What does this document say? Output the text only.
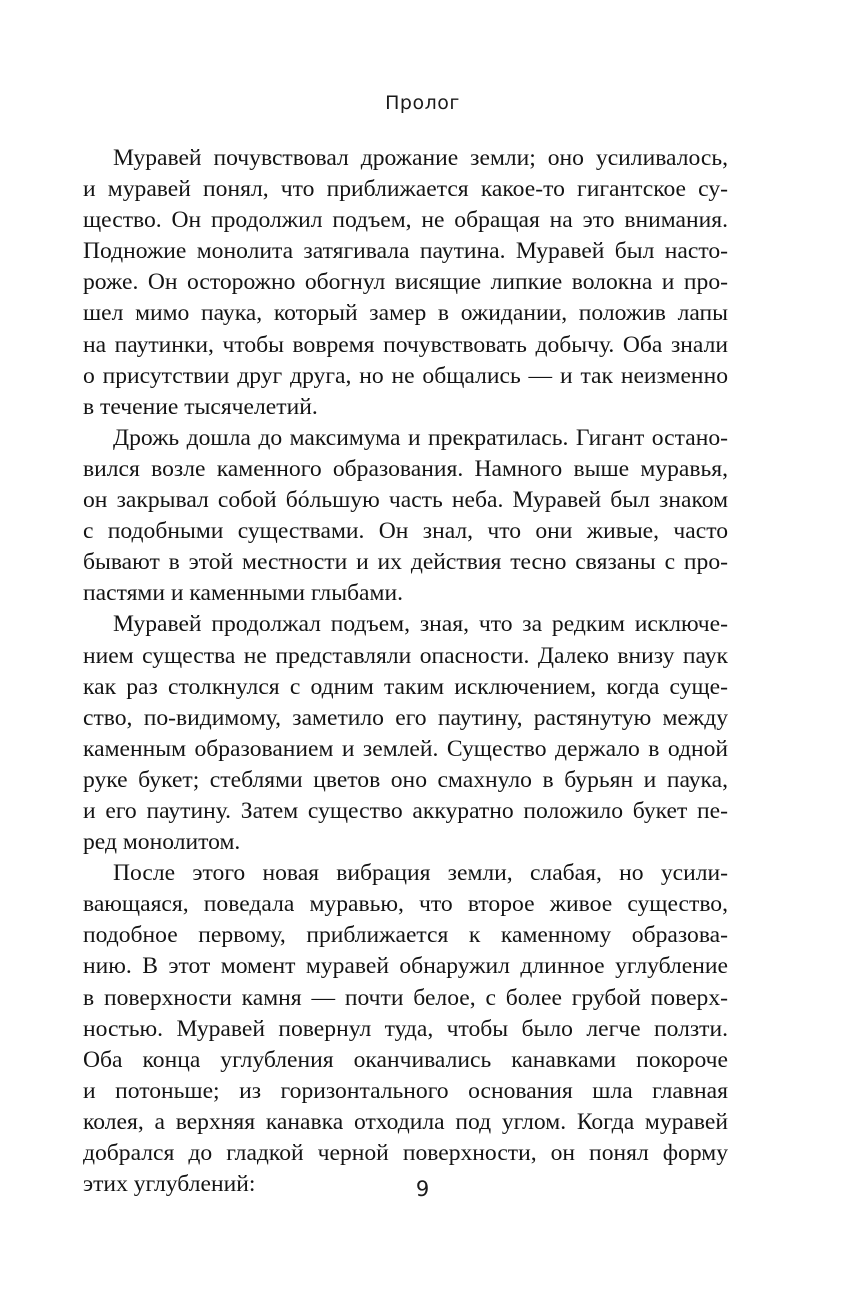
Пролог
Муравей почувствовал дрожание земли; оно усиливалось,
и муравей понял, что приближается какое-то гигантское су-
щество. Он продолжил подъем, не обращая на это внимания.
Подножие монолита затягивала паутина. Муравей был насто-
роже. Он осторожно обогнул висящие липкие волокна и про-
шел мимо паука, который замер в ожидании, положив лапы
на паутинки, чтобы вовремя почувствовать добычу. Оба знали
о присутствии друг друга, но не общались — и так неизменно
в течение тысячелетий.
Дрожь дошла до максимума и прекратилась. Гигант остано-
вился возле каменного образования. Намного выше муравья,
он закрывал собой бóльшую часть неба. Муравей был знаком
с подобными существами. Он знал, что они живые, часто
бывают в этой местности и их действия тесно связаны с про-
пастями и каменными глыбами.
Муравей продолжал подъем, зная, что за редким исключе-
нием существа не представляли опасности. Далеко внизу паук
как раз столкнулся с одним таким исключением, когда суще-
ство, по-видимому, заметило его паутину, растянутую между
каменным образованием и землей. Существо держало в одной
руке букет; стеблями цветов оно смахнуло в бурьян и паука,
и его паутину. Затем существо аккуратно положило букет пе-
ред монолитом.
После этого новая вибрация земли, слабая, но усили-
вающаяся, поведала муравью, что второе живое существо,
подобное первому, приближается к каменному образова-
нию. В этот момент муравей обнаружил длинное углубление
в поверхности камня — почти белое, с более грубой поверх-
ностью. Муравей повернул туда, чтобы было легче ползти.
Оба конца углубления оканчивались канавками покороче
и потоньше; из горизонтального основания шла главная
колея, а верхняя канавка отходила под углом. Когда муравей
добрался до гладкой черной поверхности, он понял форму
этих углублений:	9
